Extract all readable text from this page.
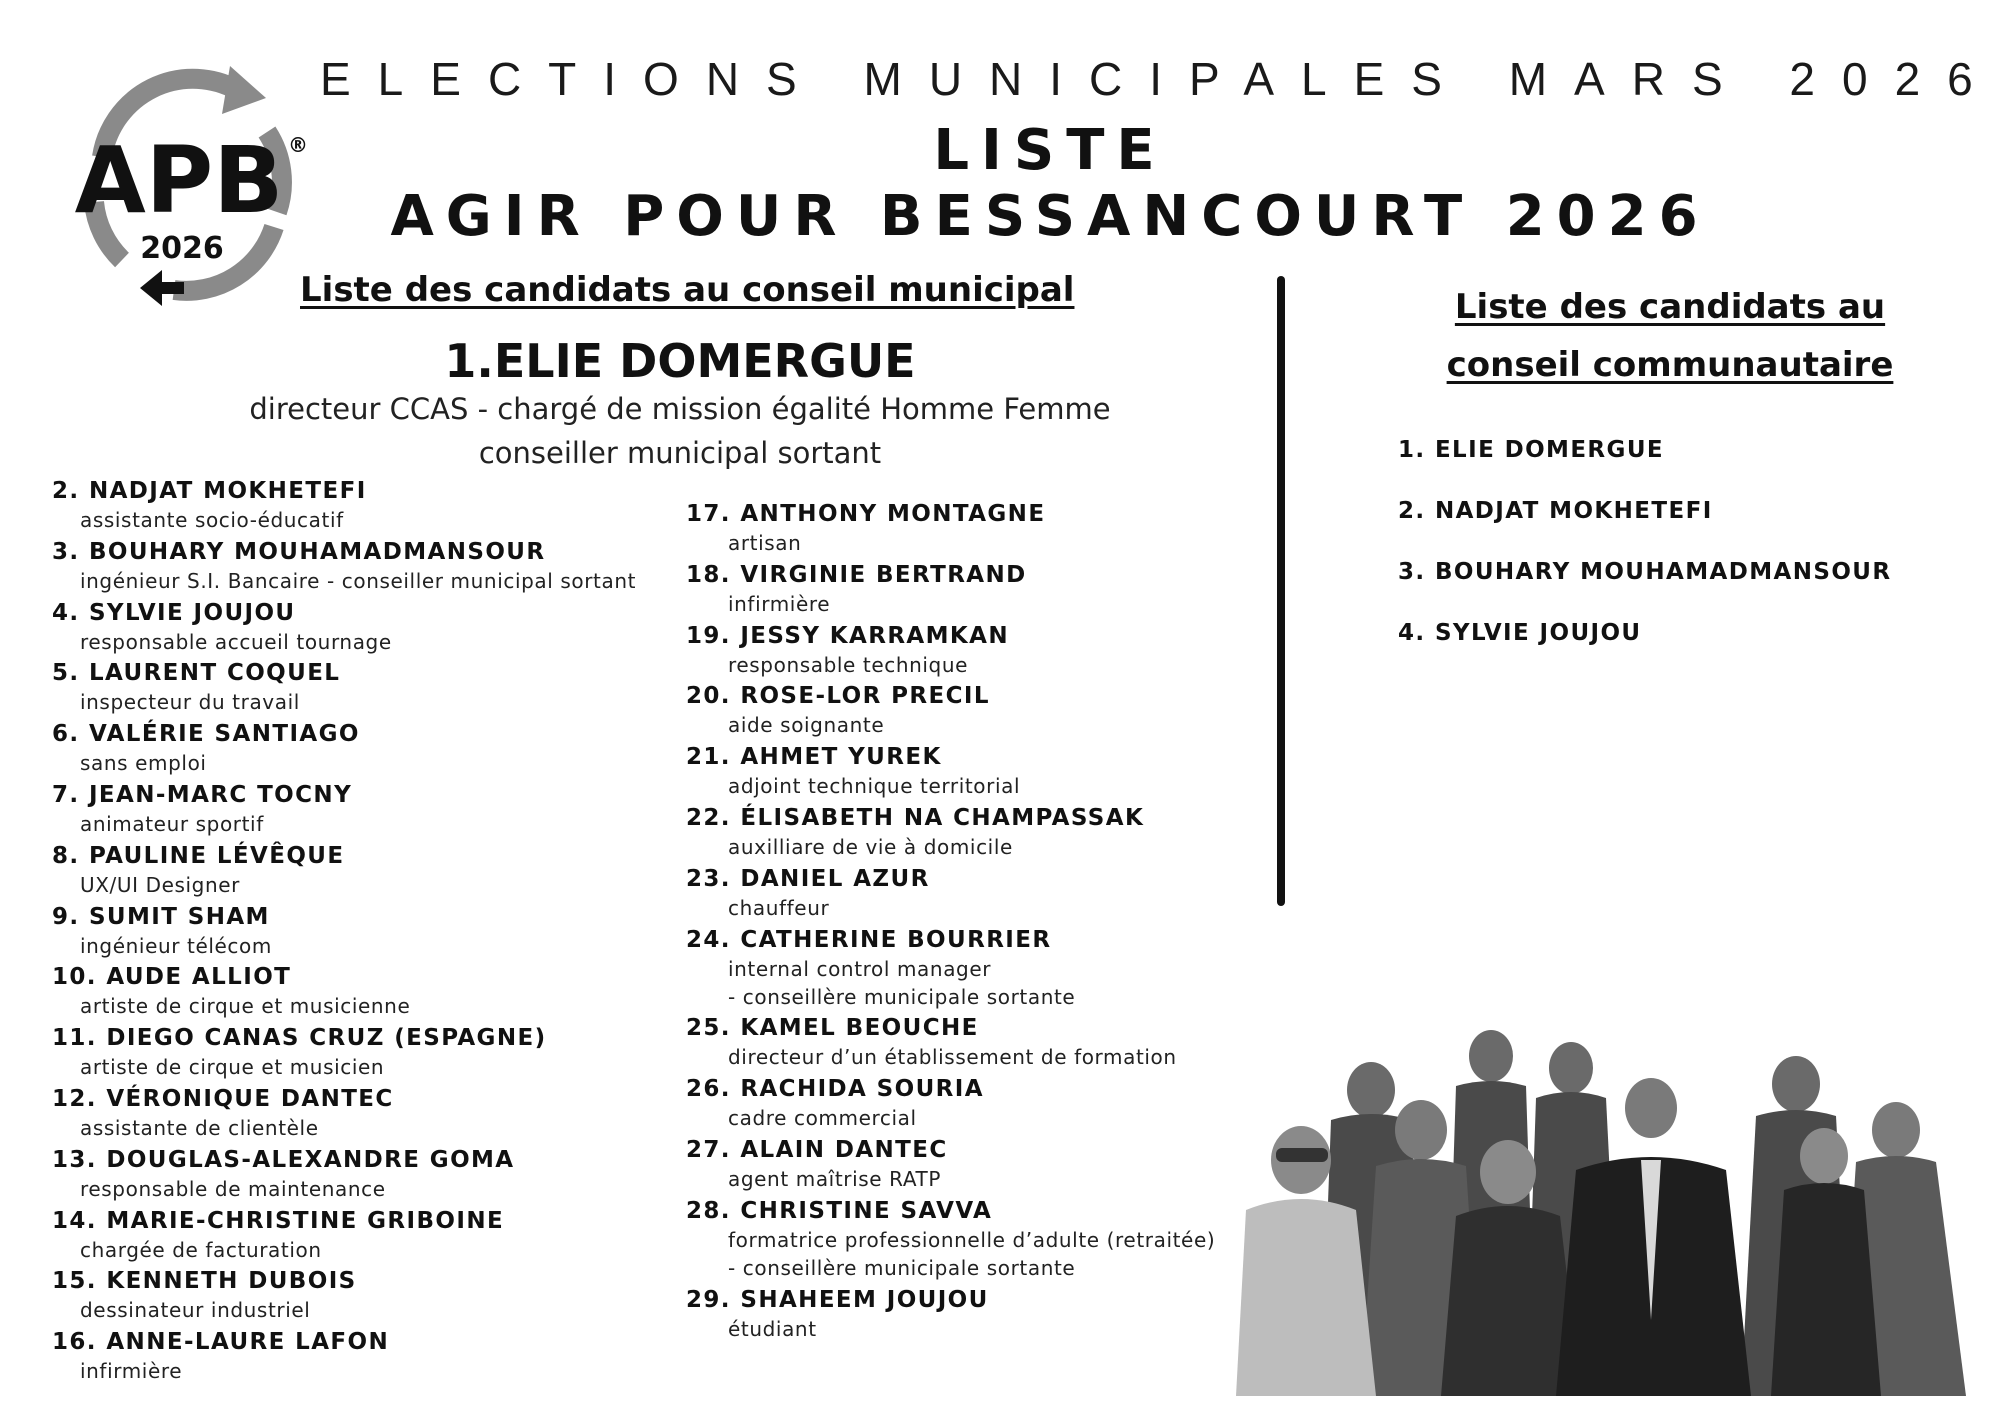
APB
2026
®
ELECTIONS MUNICIPALES MARS 2026
LISTE
AGIR POUR BESSANCOURT 2026
Liste des candidats au conseil municipal	Liste des candidats au conseil communautaire
1.ELIE DOMERGUE
directeur CCAS - chargé de mission égalité Homme Femme
conseiller municipal sortant
2. NADJAT MOKHETEFI
assistante socio-éducatif
3. BOUHARY MOUHAMADMANSOUR
ingénieur S.I. Bancaire - conseiller municipal sortant
4. SYLVIE JOUJOU
responsable accueil tournage
5. LAURENT COQUEL
inspecteur du travail
6. VALÉRIE SANTIAGO
sans emploi
7. JEAN-MARC TOCNY
animateur sportif
8. PAULINE LÉVÊQUE
UX/UI Designer
9. SUMIT SHAM
ingénieur télécom
10. AUDE ALLIOT
artiste de cirque et musicienne
11. DIEGO CANAS CRUZ (ESPAGNE)
artiste de cirque et musicien
12. VÉRONIQUE DANTEC
assistante de clientèle
13. DOUGLAS-ALEXANDRE GOMA
responsable de maintenance
14. MARIE-CHRISTINE GRIBOINE
chargée de facturation
15. KENNETH DUBOIS
dessinateur industriel
16. ANNE-LAURE LAFON
infirmière
17. ANTHONY MONTAGNE
artisan
18. VIRGINIE BERTRAND
infirmière
19. JESSY KARRAMKAN
responsable technique
20. ROSE-LOR PRECIL
aide soignante
21. AHMET YUREK
adjoint technique territorial
22. ÉLISABETH NA CHAMPASSAK
auxilliare de vie à domicile
23. DANIEL AZUR
chauffeur
24. CATHERINE BOURRIER
internal control manager
- conseillère municipale sortante
25. KAMEL BEOUCHE
directeur d’un établissement de formation
26. RACHIDA SOURIA
cadre commercial
27. ALAIN DANTEC
agent maîtrise RATP
28. CHRISTINE SAVVA
formatrice professionnelle d’adulte (retraitée)
- conseillère municipale sortante
29. SHAHEEM JOUJOU
étudiant
1. ELIE DOMERGUE
2. NADJAT MOKHETEFI
3. BOUHARY MOUHAMADMANSOUR
4. SYLVIE JOUJOU
